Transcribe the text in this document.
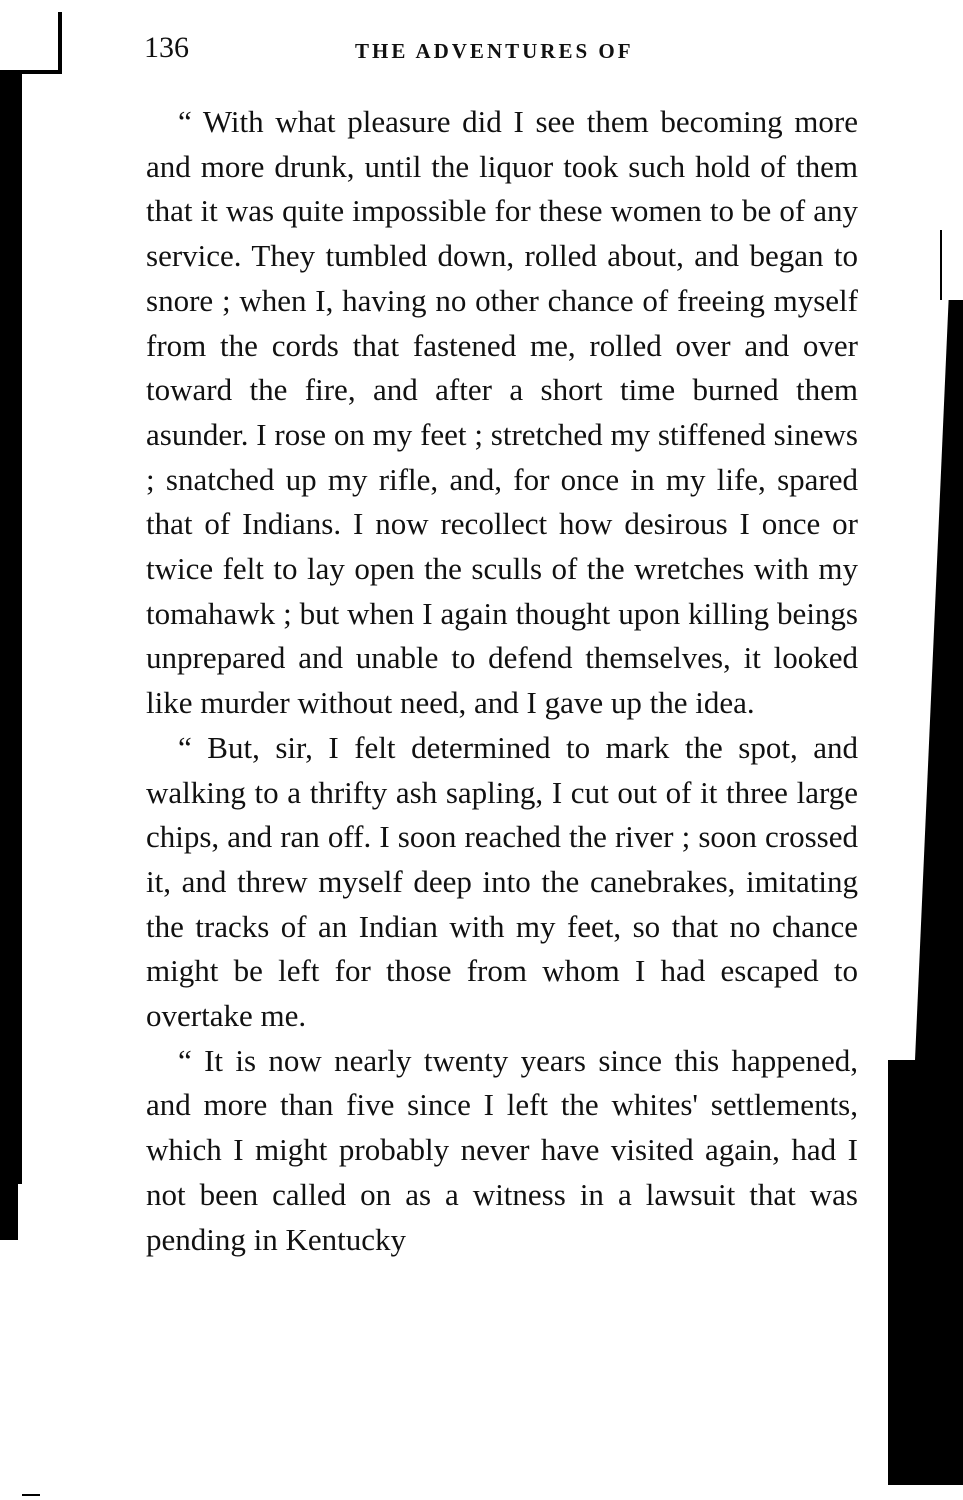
136	THE ADVENTURES OF

“ With what pleasure did I see them becoming more and more drunk, until the liquor took such hold of them that it was quite impossible for these women to be of any service. They tumbled down, rolled about, and began to snore ; when I, having no other chance of freeing myself from the cords that fastened me, rolled over and over toward the fire, and after a short time burned them asunder. I rose on my feet ; stretched my stiffened sinews ; snatched up my rifle, and, for once in my life, spared that of Indians. I now recollect how desirous I once or twice felt to lay open the sculls of the wretches with my tomahawk ; but when I again thought upon killing beings unprepared and unable to defend themselves, it looked like murder without need, and I gave up the idea.

“ But, sir, I felt determined to mark the spot, and walking to a thrifty ash sapling, I cut out of it three large chips, and ran off. I soon reached the river ; soon crossed it, and threw myself deep into the canebrakes, imitating the tracks of an Indian with my feet, so that no chance might be left for those from whom I had escaped to overtake me.

“ It is now nearly twenty years since this happened, and more than five since I left the whites' settlements, which I might probably never have visited again, had I not been called on as a witness in a lawsuit that was pending in Kentucky
